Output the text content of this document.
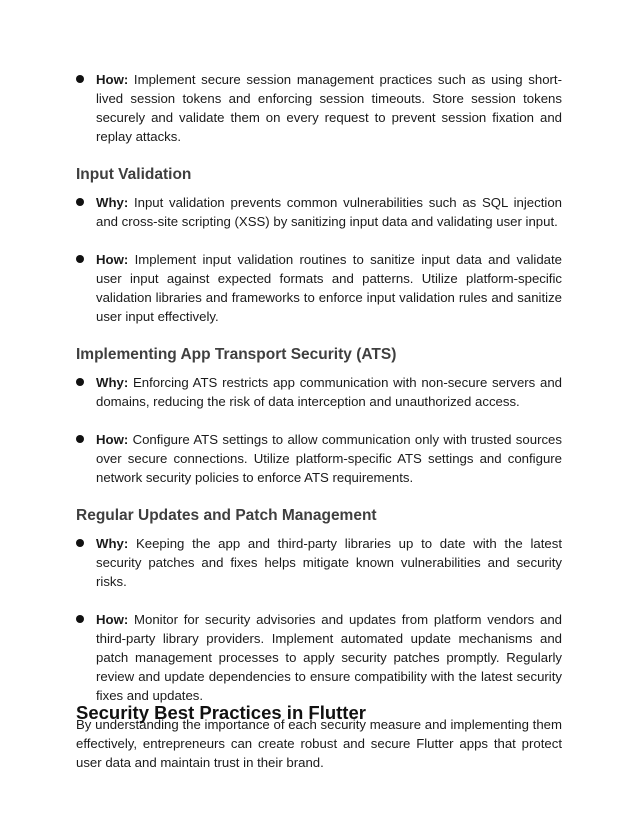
How: Implement secure session management practices such as using short-lived session tokens and enforcing session timeouts. Store session tokens securely and validate them on every request to prevent session fixation and replay attacks.
Input Validation
Why: Input validation prevents common vulnerabilities such as SQL injection and cross-site scripting (XSS) by sanitizing input data and validating user input.
How: Implement input validation routines to sanitize input data and validate user input against expected formats and patterns. Utilize platform-specific validation libraries and frameworks to enforce input validation rules and sanitize user input effectively.
Implementing App Transport Security (ATS)
Why: Enforcing ATS restricts app communication with non-secure servers and domains, reducing the risk of data interception and unauthorized access.
How: Configure ATS settings to allow communication only with trusted sources over secure connections. Utilize platform-specific ATS settings and configure network security policies to enforce ATS requirements.
Regular Updates and Patch Management
Why: Keeping the app and third-party libraries up to date with the latest security patches and fixes helps mitigate known vulnerabilities and security risks.
How: Monitor for security advisories and updates from platform vendors and third-party library providers. Implement automated update mechanisms and patch management processes to apply security patches promptly. Regularly review and update dependencies to ensure compatibility with the latest security fixes and updates.
By understanding the importance of each security measure and implementing them effectively, entrepreneurs can create robust and secure Flutter apps that protect user data and maintain trust in their brand.
Security Best Practices in Flutter
